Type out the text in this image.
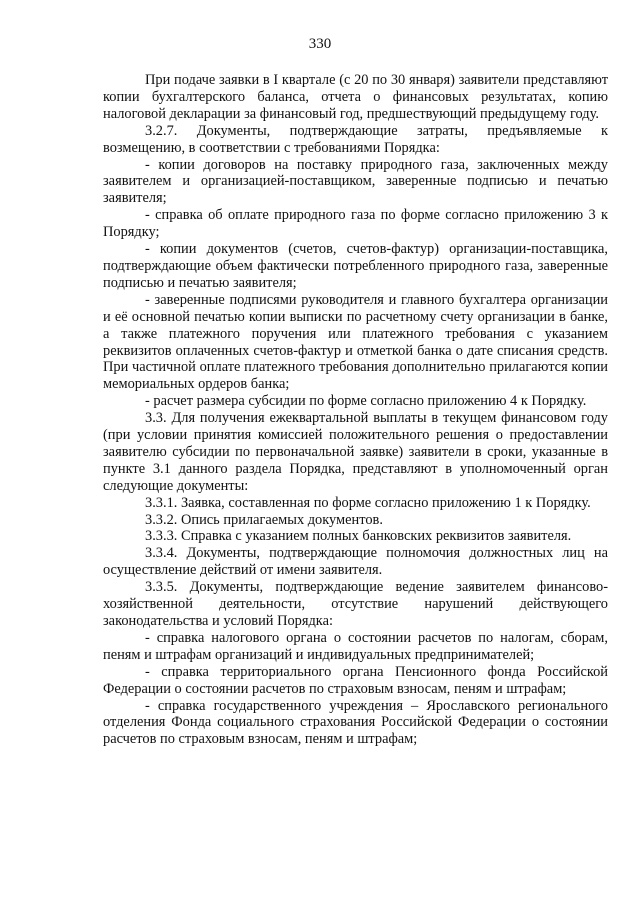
330

При подаче заявки в I квартале (с 20 по 30 января) заявители представляют копии бухгалтерского баланса, отчета о финансовых результатах, копию налоговой декларации за финансовый год, предшествующий предыдущему году.

3.2.7. Документы, подтверждающие затраты, предъявляемые к возмещению, в соответствии с требованиями Порядка:

- копии договоров на поставку природного газа, заключенных между заявителем и организацией-поставщиком, заверенные подписью и печатью заявителя;

- справка об оплате природного газа по форме согласно приложению 3 к Порядку;

- копии документов (счетов, счетов-фактур) организации-поставщика, подтверждающие объем фактически потребленного природного газа, заверенные подписью и печатью заявителя;

- заверенные подписями руководителя и главного бухгалтера организации и её основной печатью копии выписки по расчетному счету организации в банке, а также платежного поручения или платежного требования с указанием реквизитов оплаченных счетов-фактур и отметкой банка о дате списания средств. При частичной оплате платежного требования дополнительно прилагаются копии мемориальных ордеров банка;

- расчет размера субсидии по форме согласно приложению 4 к Порядку.

3.3. Для получения ежеквартальной выплаты в текущем финансовом году (при условии принятия комиссией положительного решения о предоставлении заявителю субсидии по первоначальной заявке) заявители в сроки, указанные в пункте 3.1 данного раздела Порядка, представляют в уполномоченный орган следующие документы:

3.3.1. Заявка, составленная по форме согласно приложению 1 к Порядку.

3.3.2. Опись прилагаемых документов.

3.3.3. Справка с указанием полных банковских реквизитов заявителя.

3.3.4. Документы, подтверждающие полномочия должностных лиц на осуществление действий от имени заявителя.

3.3.5. Документы, подтверждающие ведение заявителем финансово-хозяйственной деятельности, отсутствие нарушений действующего законодательства и условий Порядка:

- справка налогового органа о состоянии расчетов по налогам, сборам, пеням и штрафам организаций и индивидуальных предпринимателей;

- справка территориального органа Пенсионного фонда Российской Федерации о состоянии расчетов по страховым взносам, пеням и штрафам;

- справка государственного учреждения – Ярославского регионального отделения Фонда социального страхования Российской Федерации о состоянии расчетов по страховым взносам, пеням и штрафам;
